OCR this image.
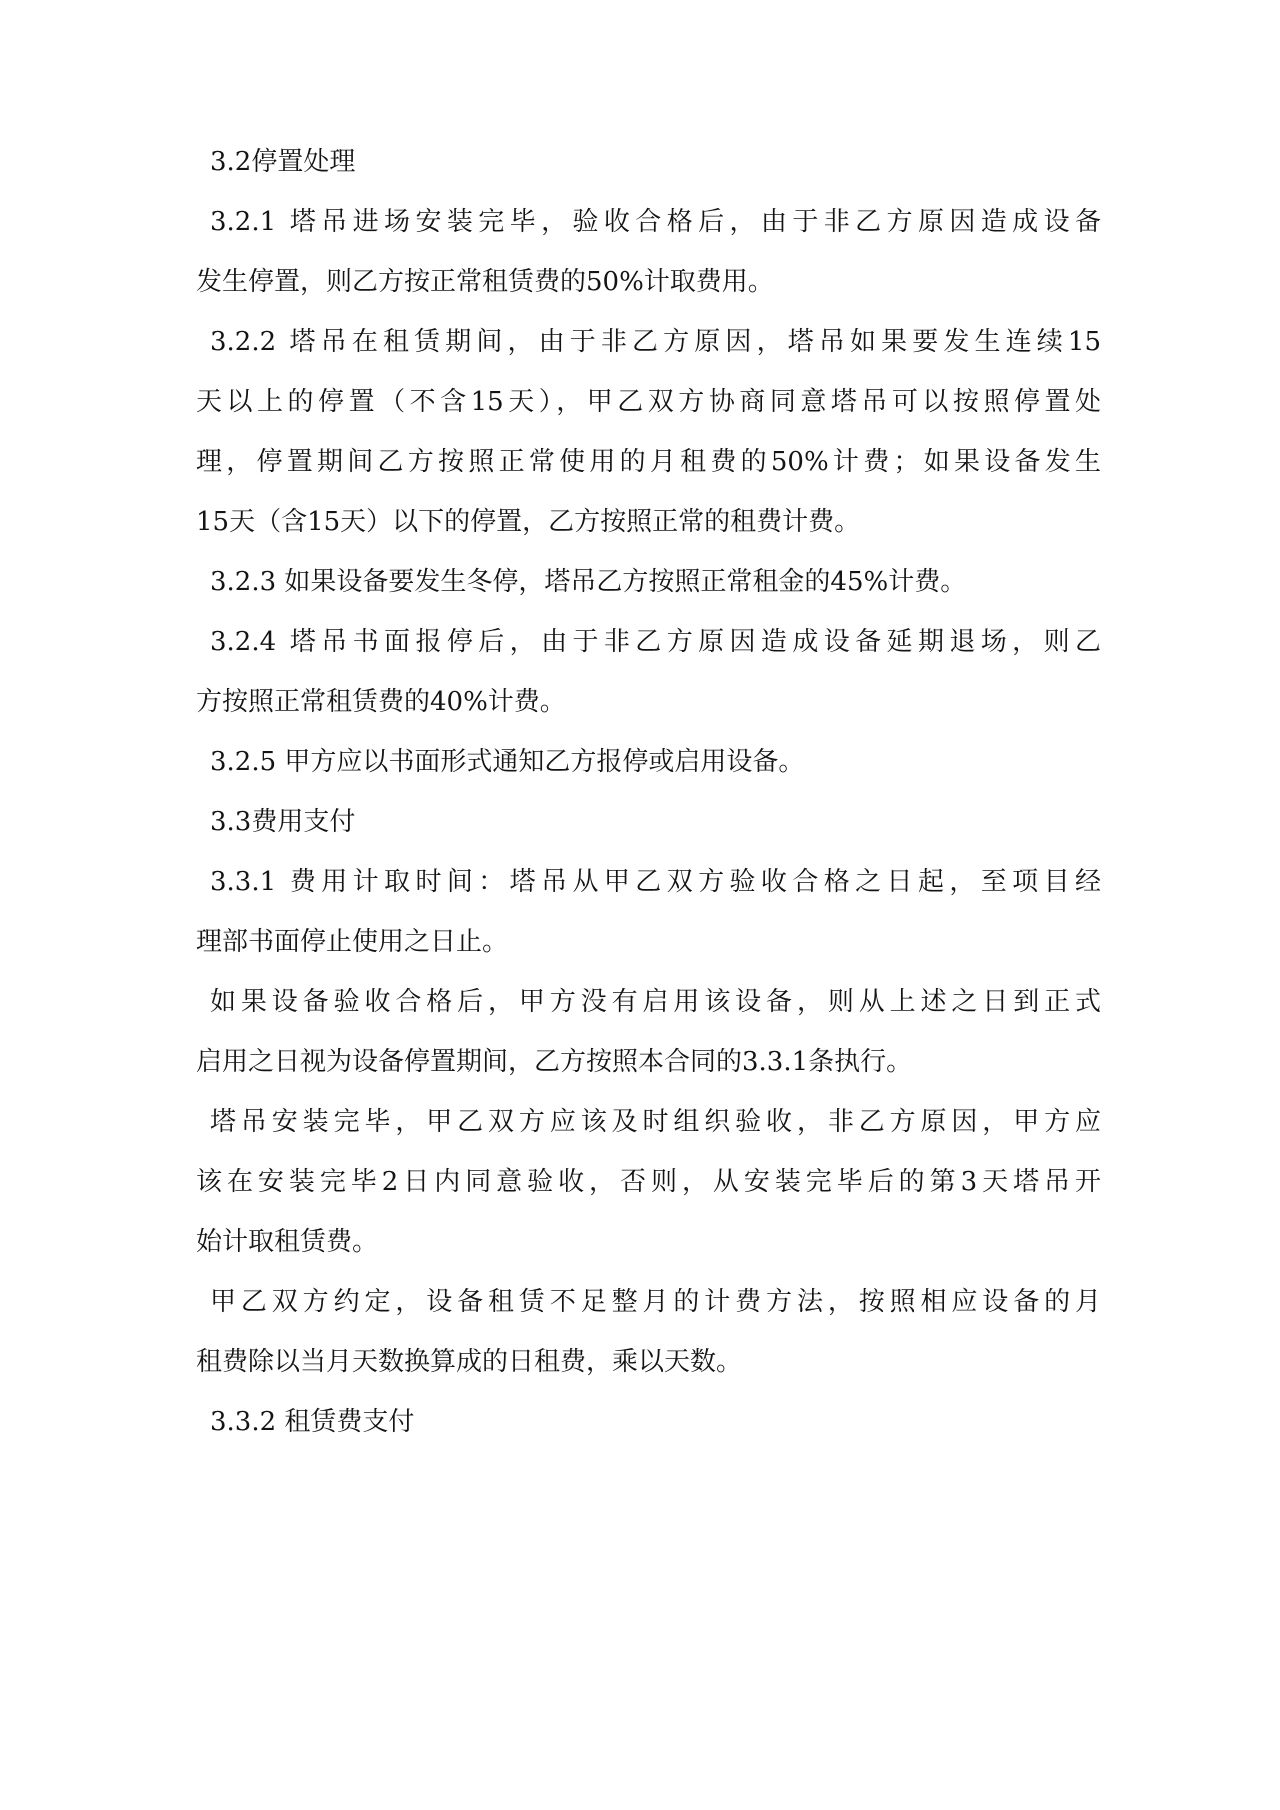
3.2停置处理
3.2.1 塔吊进场安装完毕，验收合格后，由于非乙方原因造成设备
发生停置，则乙方按正常租赁费的50%计取费用。
3.2.2 塔吊在租赁期间，由于非乙方原因，塔吊如果要发生连续15
天以上的停置（不含15天），甲乙双方协商同意塔吊可以按照停置处
理，停置期间乙方按照正常使用的月租费的50%计费；如果设备发生
15天（含15天）以下的停置，乙方按照正常的租费计费。
3.2.3 如果设备要发生冬停，塔吊乙方按照正常租金的45%计费。
3.2.4 塔吊书面报停后，由于非乙方原因造成设备延期退场，则乙
方按照正常租赁费的40%计费。
3.2.5 甲方应以书面形式通知乙方报停或启用设备。
3.3费用支付
3.3.1 费用计取时间：塔吊从甲乙双方验收合格之日起，至项目经
理部书面停止使用之日止。
如果设备验收合格后，甲方没有启用该设备，则从上述之日到正式
启用之日视为设备停置期间，乙方按照本合同的3.3.1条执行。
塔吊安装完毕，甲乙双方应该及时组织验收，非乙方原因，甲方应
该在安装完毕2日内同意验收，否则，从安装完毕后的第3天塔吊开
始计取租赁费。
甲乙双方约定，设备租赁不足整月的计费方法，按照相应设备的月
租费除以当月天数换算成的日租费，乘以天数。
3.3.2 租赁费支付
